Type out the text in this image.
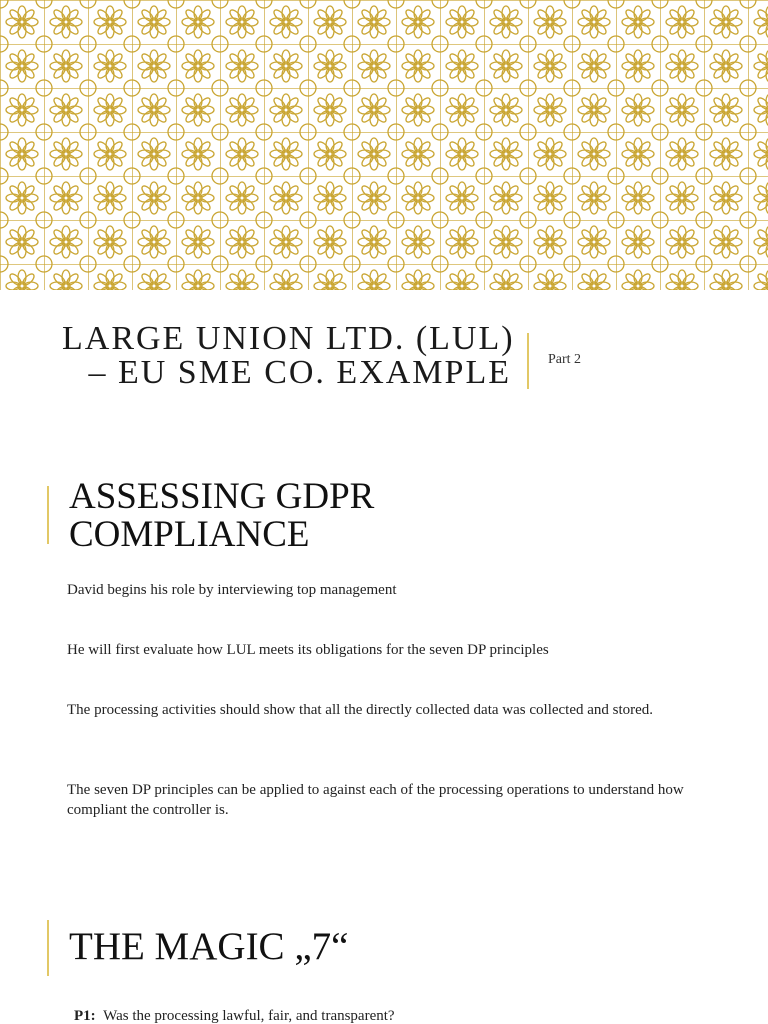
LARGE UNION LTD. (LUL)
– EU SME CO. EXAMPLE	Part 2
ASSESSING GDPR
COMPLIANCE
David begins his role by interviewing top management
He will first evaluate how LUL meets its obligations for the seven DP principles
The processing activities should show that all the directly collected data was collected and stored.
The seven DP principles can be applied to against each of the processing operations to understand how compliant the controller is.
THE MAGIC „7“
P1: Was the processing lawful, fair, and transparent?
